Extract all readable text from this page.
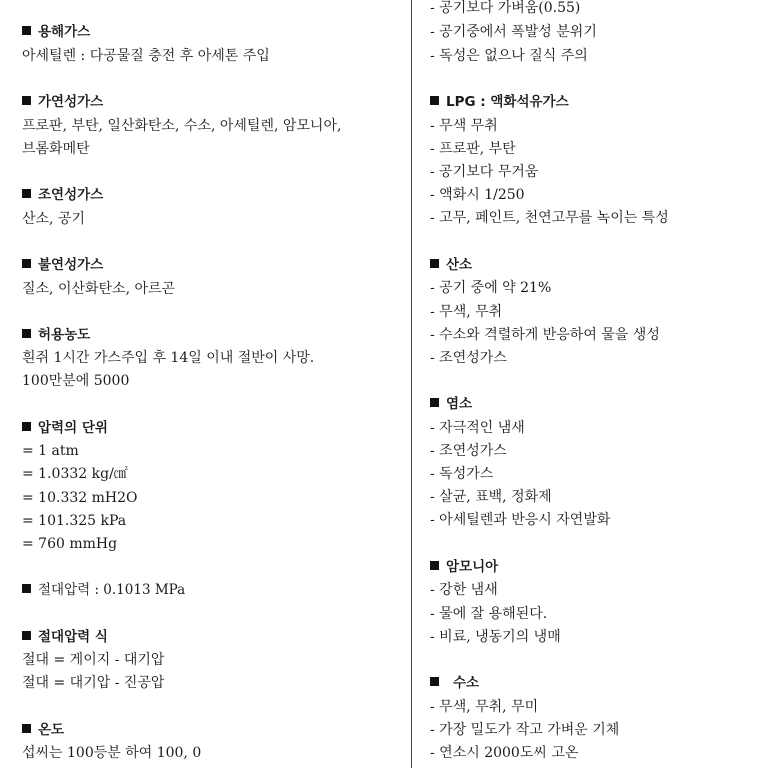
용해가스
아세틸렌 : 다공물질 충전 후 아세톤 주입
가연성가스
프로판, 부탄, 일산화탄소, 수소, 아세틸렌, 암모니아,
브롬화메탄
조연성가스
산소, 공기
불연성가스
질소, 이산화탄소, 아르곤
허용농도
흰쥐 1시간 가스주입 후 14일 이내 절반이 사망.
100만분에 5000
압력의 단위
= 1 atm
= 1.0332 kg/㎠
= 10.332 mH2O
= 101.325 kPa
= 760 mmHg
절대압력 : 0.1013 MPa
절대압력 식
절대 = 게이지 - 대기압
절대 = 대기압 - 진공압
온도
섭씨는 100등분 하여 100, 0
- 공기보다 가벼움(0.55)
- 공기중에서 폭발성 분위기
- 독성은 없으나 질식 주의
LPG : 액화석유가스
- 무색 무취
- 프로판, 부탄
- 공기보다 무거움
- 액화시 1/250
- 고무, 페인트, 천연고무를 녹이는 특성
산소
- 공기 중에 약 21%
- 무색, 무취
- 수소와 격렬하게 반응하여 물을 생성
- 조연성가스
염소
- 자극적인 냄새
- 조연성가스
- 독성가스
- 살균, 표백, 정화제
- 아세틸렌과 반응시 자연발화
암모니아
- 강한 냄새
- 물에 잘 용해된다.
- 비료, 냉동기의 냉매
수소
- 무색, 무취, 무미
- 가장 밀도가 작고 가벼운 기체
- 연소시 2000도씨 고온
